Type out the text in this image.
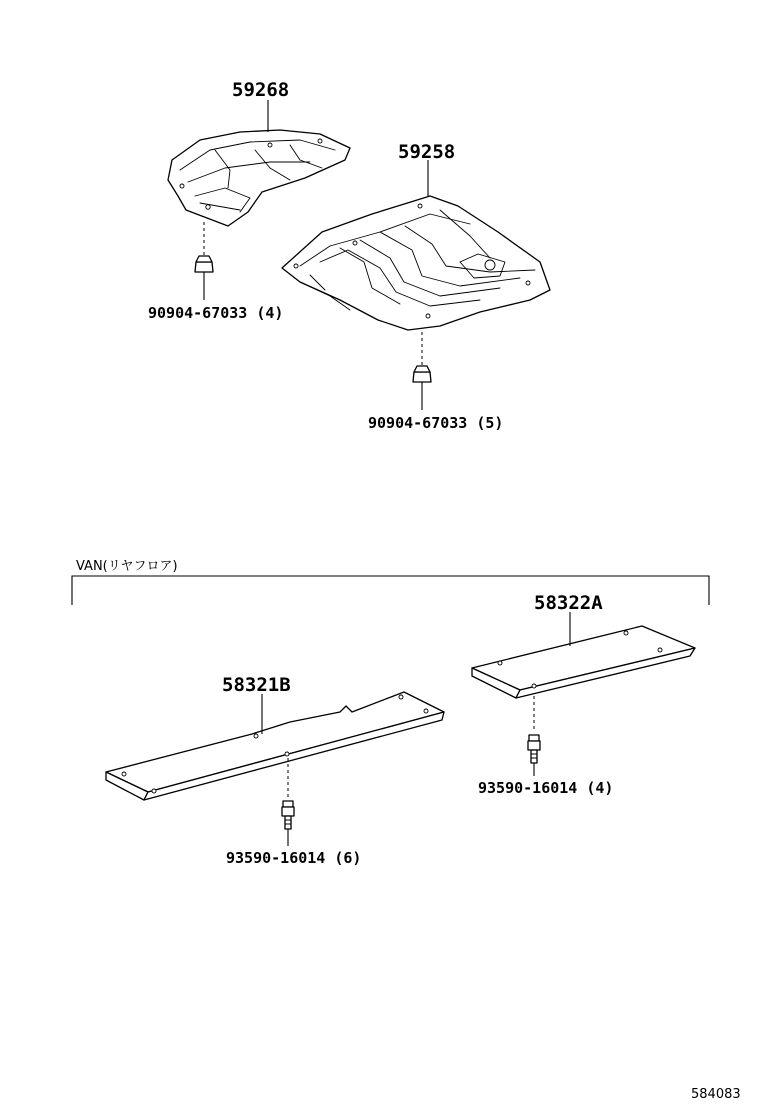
59268
90904-67033 (4)
59258
90904-67033 (5)
VAN(リヤフロア)
58322A
93590-16014 (4)
58321B
93590-16014 (6)
584083
